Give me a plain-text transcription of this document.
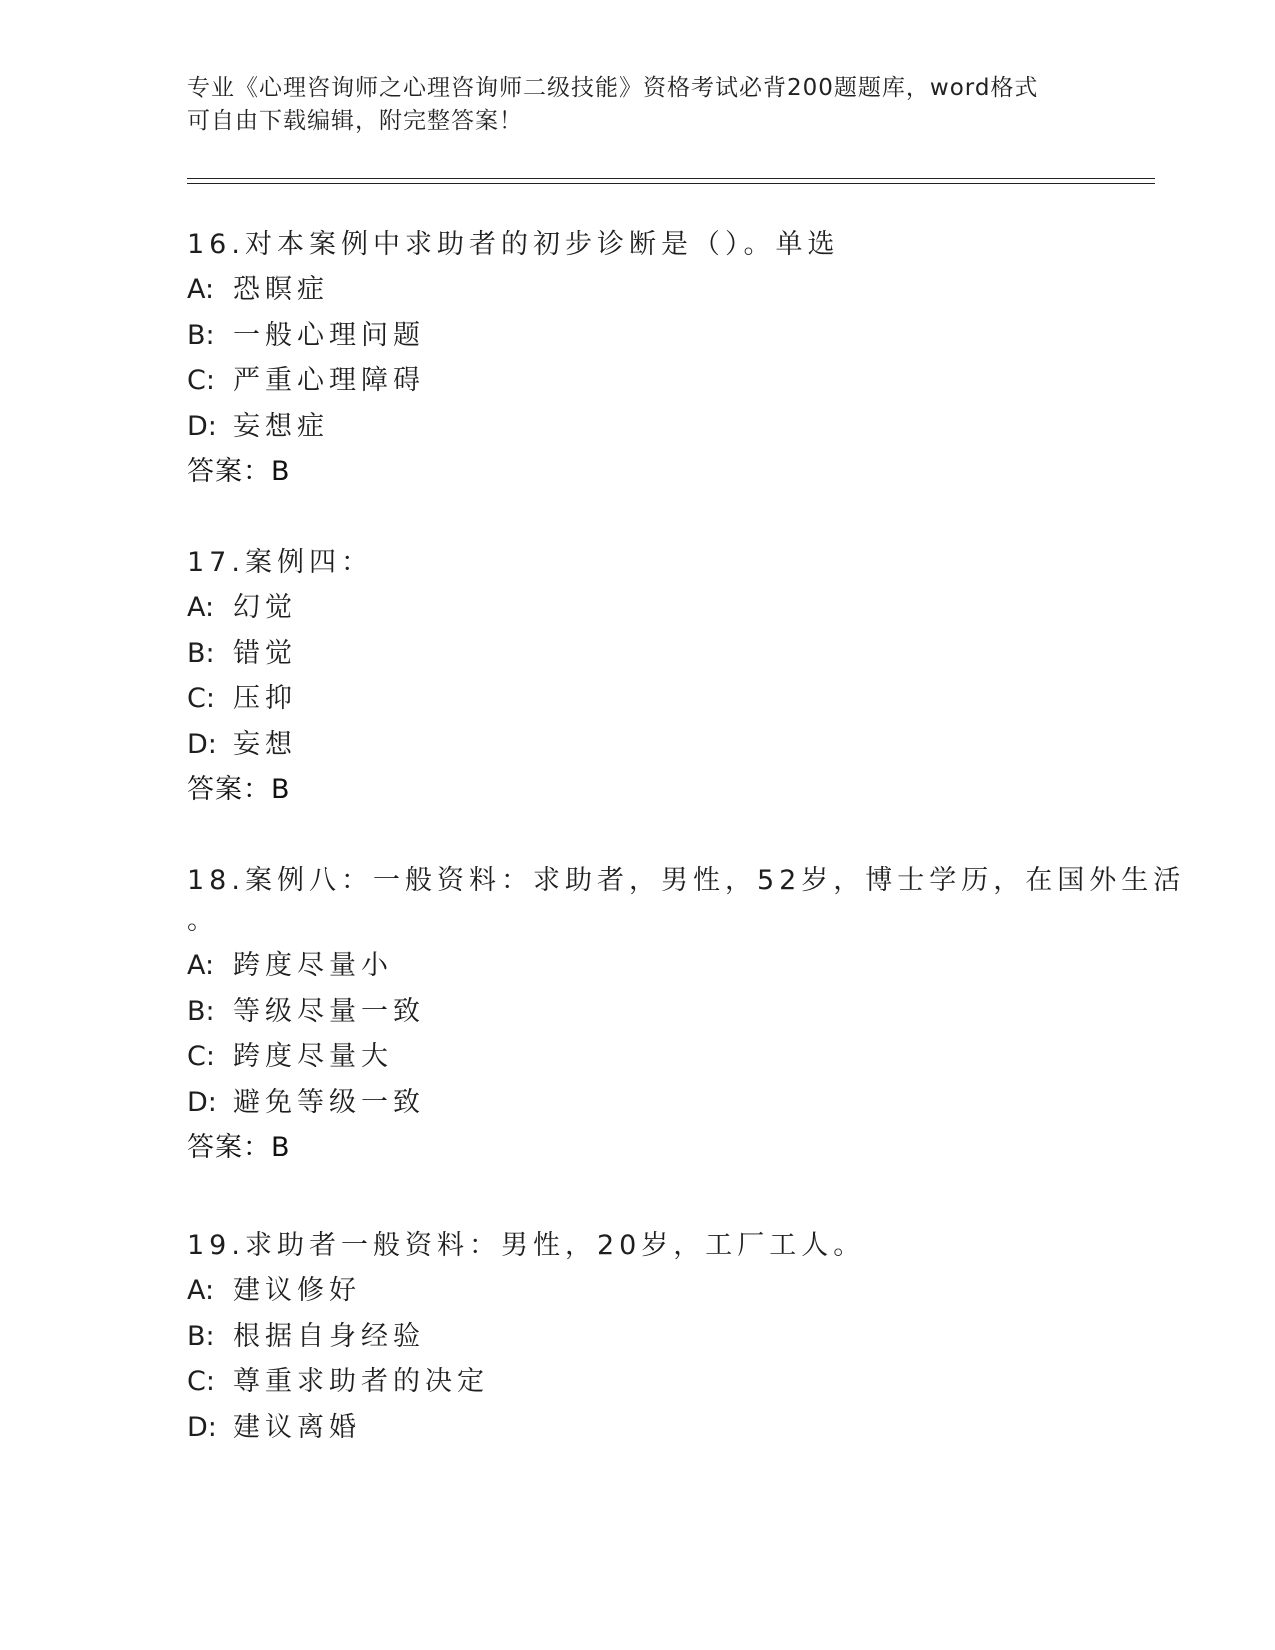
专业《心理咨询师之心理咨询师二级技能》资格考试必背200题题库，word格式
可自由下载编辑，附完整答案！
16.对本案例中求助者的初步诊断是（）。单选
A: 恐瞑症
B: 一般心理问题
C: 严重心理障碍
D: 妄想症
答案：B
17.案例四：
A: 幻觉
B: 错觉
C: 压抑
D: 妄想
答案：B
18.案例八：一般资料：求助者，男性，52岁，博士学历，在国外生活
。
A: 跨度尽量小
B: 等级尽量一致
C: 跨度尽量大
D: 避免等级一致
答案：B
19.求助者一般资料：男性，20岁，工厂工人。
A: 建议修好
B: 根据自身经验
C: 尊重求助者的决定
D: 建议离婚
